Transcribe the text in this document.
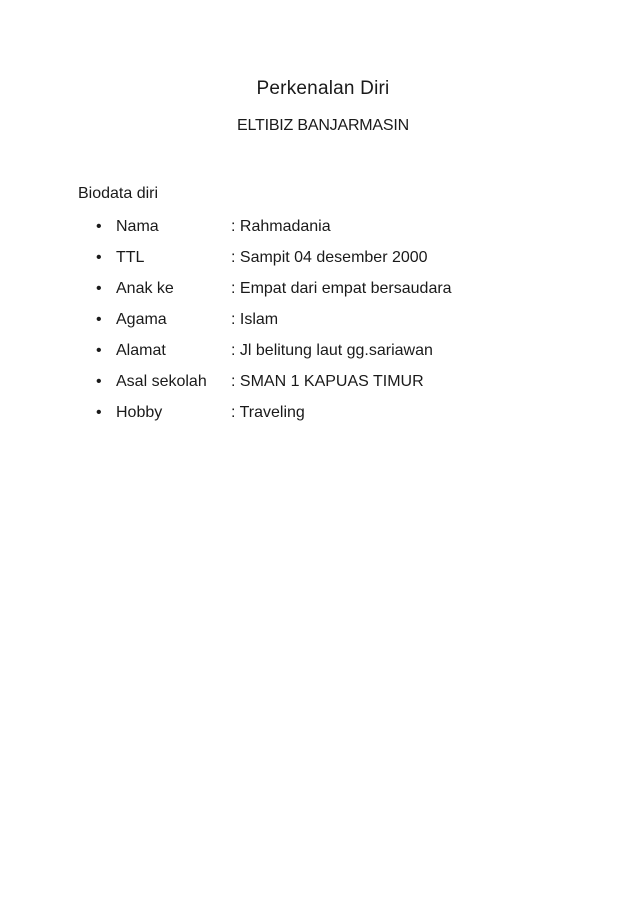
Perkenalan Diri
ELTIBIZ BANJARMASIN
Biodata diri
• Nama	: Rahmadania
• TTL	: Sampit 04 desember 2000
• Anak ke	: Empat dari empat bersaudara
• Agama	: Islam
• Alamat	: Jl belitung laut gg.sariawan
• Asal sekolah : SMAN 1 KAPUAS TIMUR
• Hobby	: Traveling
